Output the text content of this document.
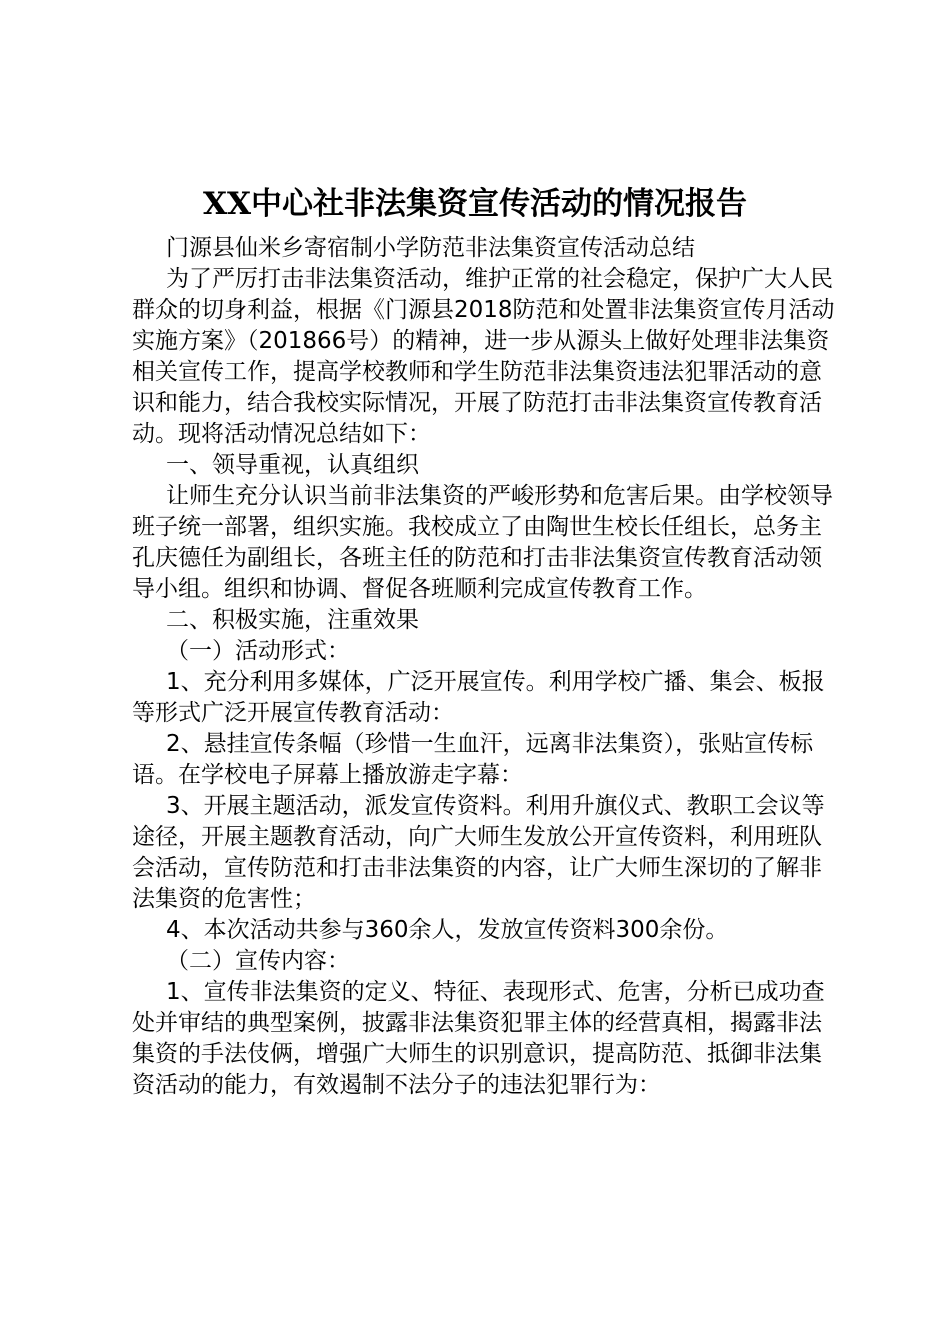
XX中心社非法集资宣传活动的情况报告

门源县仙米乡寄宿制小学防范非法集资宣传活动总结

为了严厉打击非法集资活动，维护正常的社会稳定，保护广大人民群众的切身利益，根据《门源县2018防范和处置非法集资宣传月活动实施方案》（201866号）的精神，进一步从源头上做好处理非法集资相关宣传工作，提高学校教师和学生防范非法集资违法犯罪活动的意识和能力，结合我校实际情况，开展了防范打击非法集资宣传教育活动。现将活动情况总结如下：

一、领导重视，认真组织

让师生充分认识当前非法集资的严峻形势和危害后果。由学校领导班子统一部署，组织实施。我校成立了由陶世生校长任组长，总务主孔庆德任为副组长，各班主任的防范和打击非法集资宣传教育活动领导小组。组织和协调、督促各班顺利完成宣传教育工作。

二、积极实施，注重效果

（一）活动形式：

1、充分利用多媒体，广泛开展宣传。利用学校广播、集会、板报等形式广泛开展宣传教育活动：

2、悬挂宣传条幅（珍惜一生血汗，远离非法集资），张贴宣传标语。在学校电子屏幕上播放游走字幕：

3、开展主题活动，派发宣传资料。利用升旗仪式、教职工会议等途径，开展主题教育活动，向广大师生发放公开宣传资料，利用班队会活动，宣传防范和打击非法集资的内容，让广大师生深切的了解非法集资的危害性；

4、本次活动共参与360余人，发放宣传资料300余份。

（二）宣传内容：

1、宣传非法集资的定义、特征、表现形式、危害，分析已成功查处并审结的典型案例，披露非法集资犯罪主体的经营真相，揭露非法集资的手法伎俩，增强广大师生的识别意识，提高防范、抵御非法集资活动的能力，有效遏制不法分子的违法犯罪行为：
